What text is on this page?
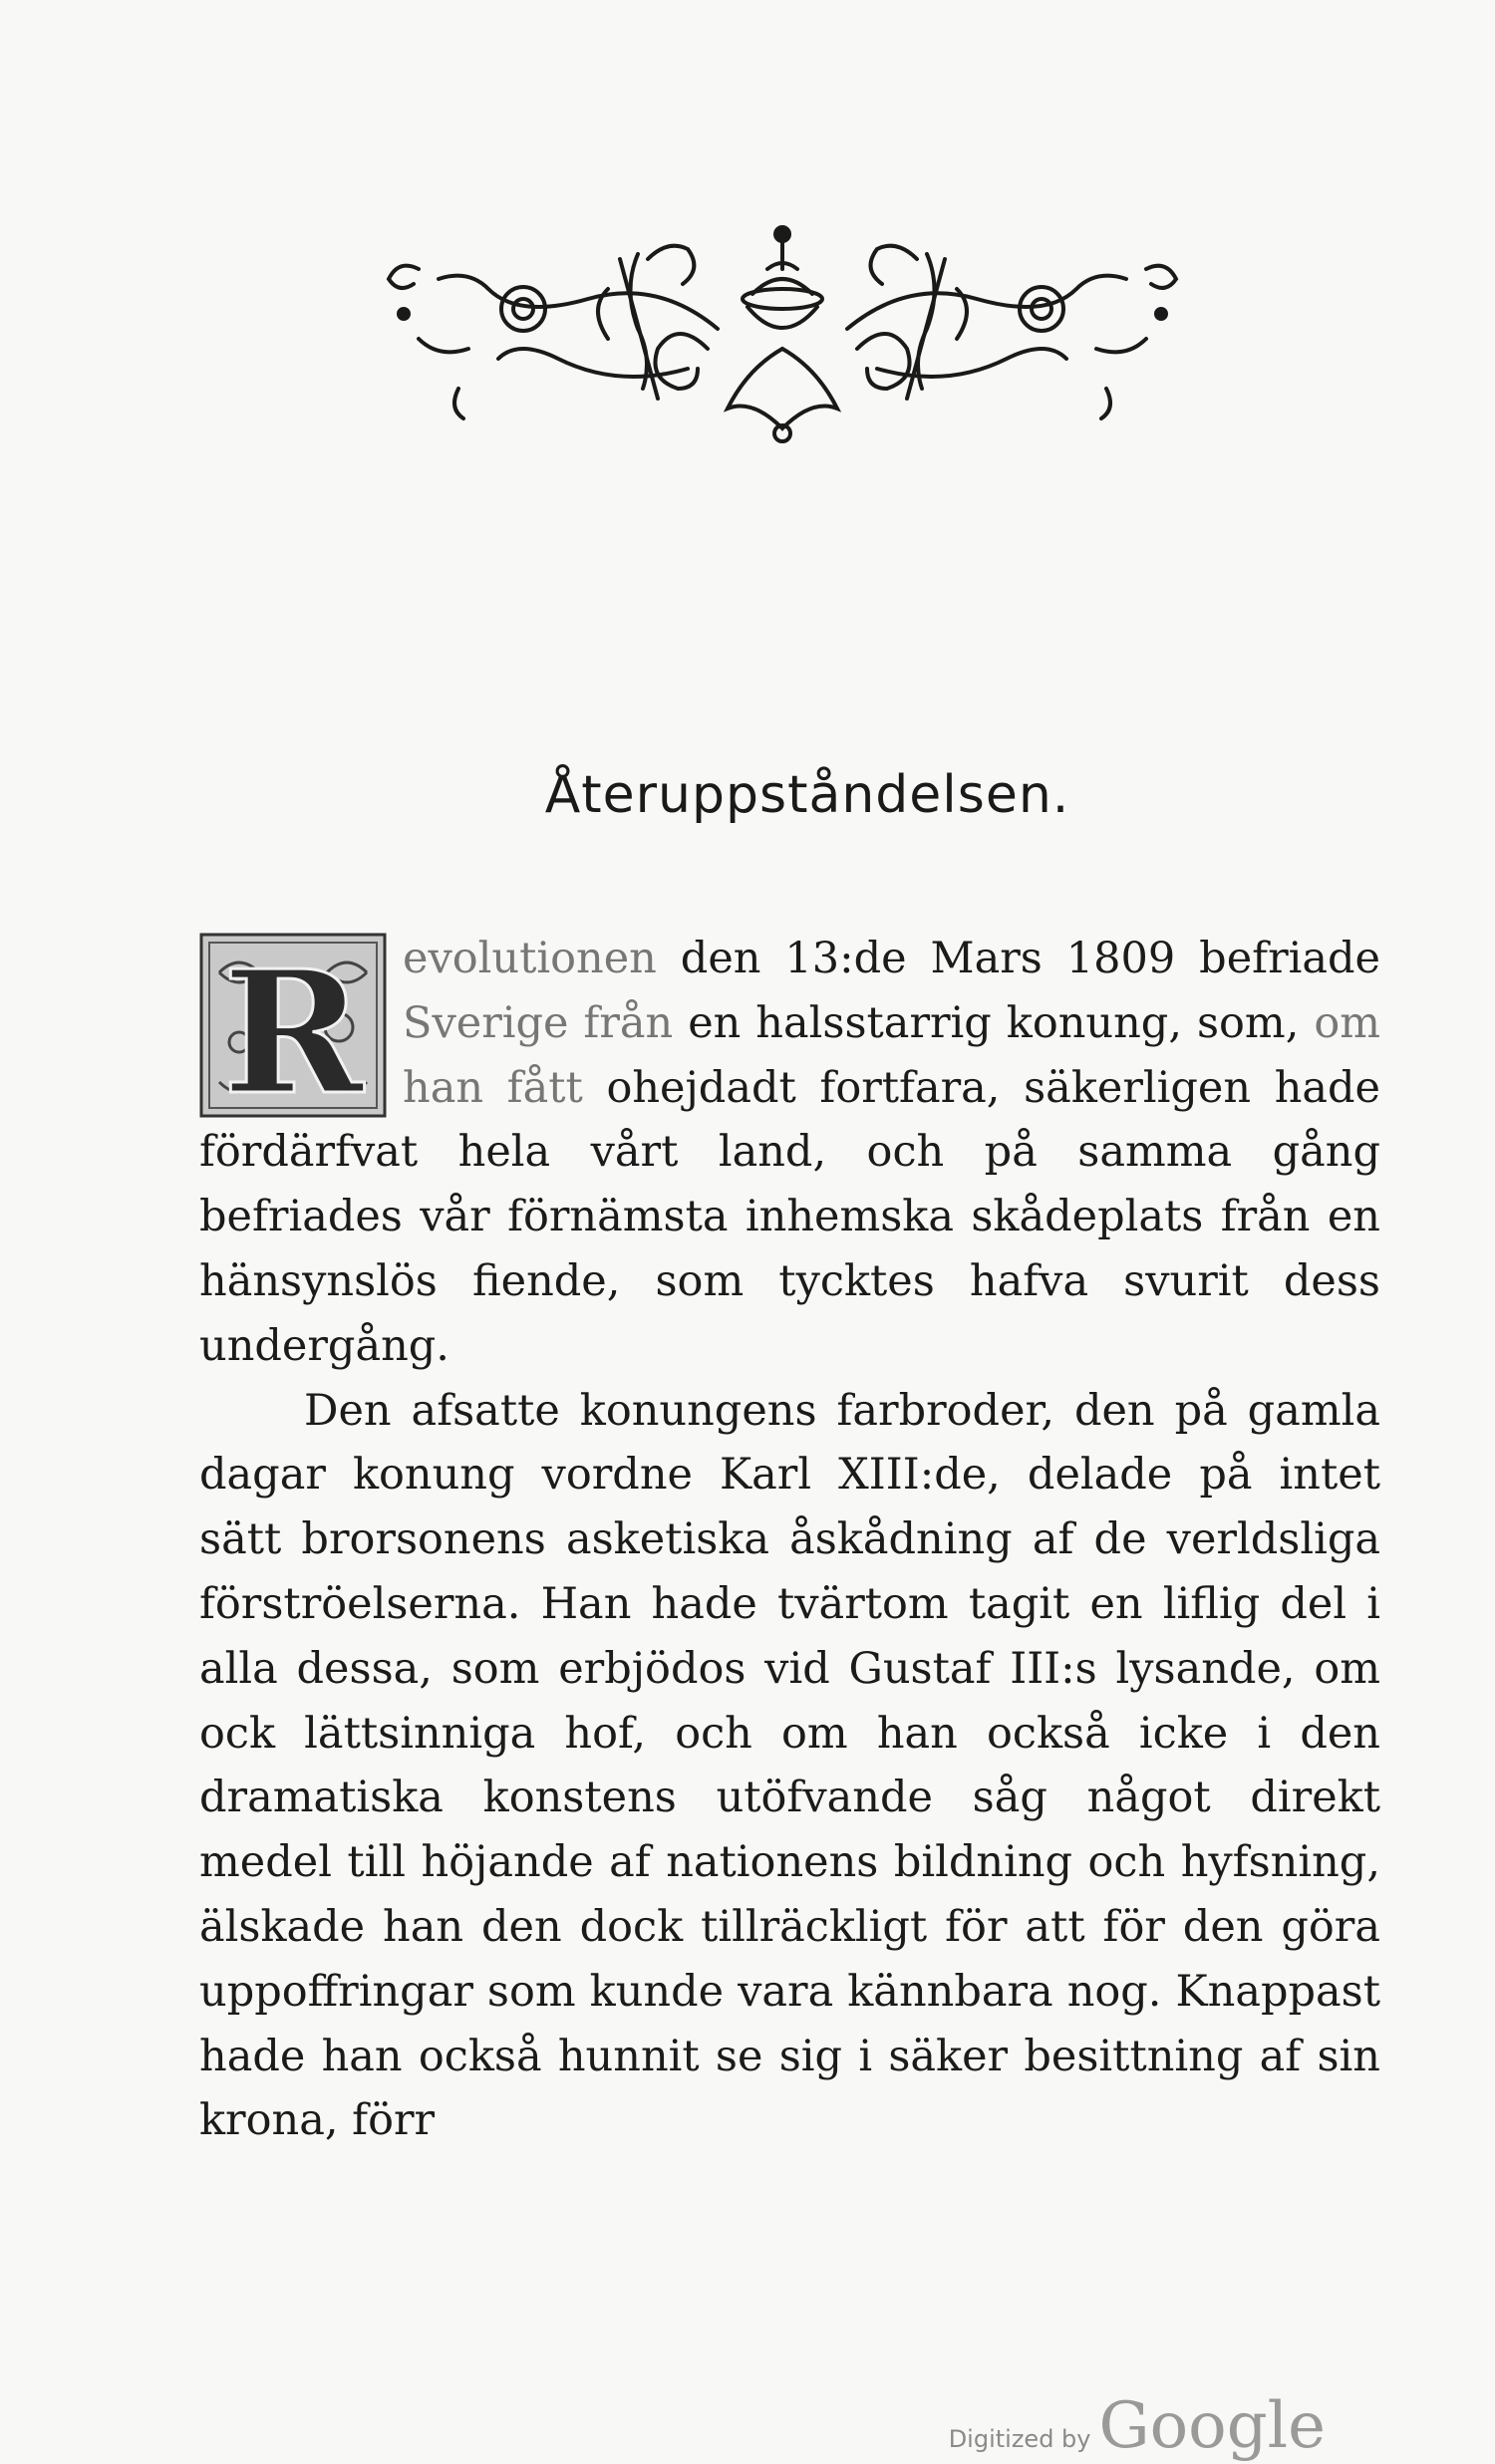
Återuppståndelsen.

R evolutionen den 13:de Mars 1809 befriade Sverige från en halsstarrig konung, som, om han fått ohejdadt fortfara, säkerligen hade fördärfvat hela vårt land, och på samma gång befriades vår förnämsta inhemska skådeplats från en hänsynslös fiende, som tycktes hafva svurit dess undergång.

Den afsatte konungens farbroder, den på gamla dagar konung vordne Karl XIII:de, delade på intet sätt brorsonens asketiska åskådning af de verldsliga förströelserna. Han hade tvärtom tagit en liflig del i alla dessa, som erbjödos vid Gustaf III:s lysande, om ock lättsinniga hof, och om han också icke i den dramatiska konstens utöfvande såg något direkt medel till höjande af nationens bildning och hyfsning, älskade han den dock tillräckligt för att för den göra uppoffringar som kunde vara kännbara nog. Knappast hade han också hunnit se sig i säker besittning af sin krona, förr

Digitized by Google
